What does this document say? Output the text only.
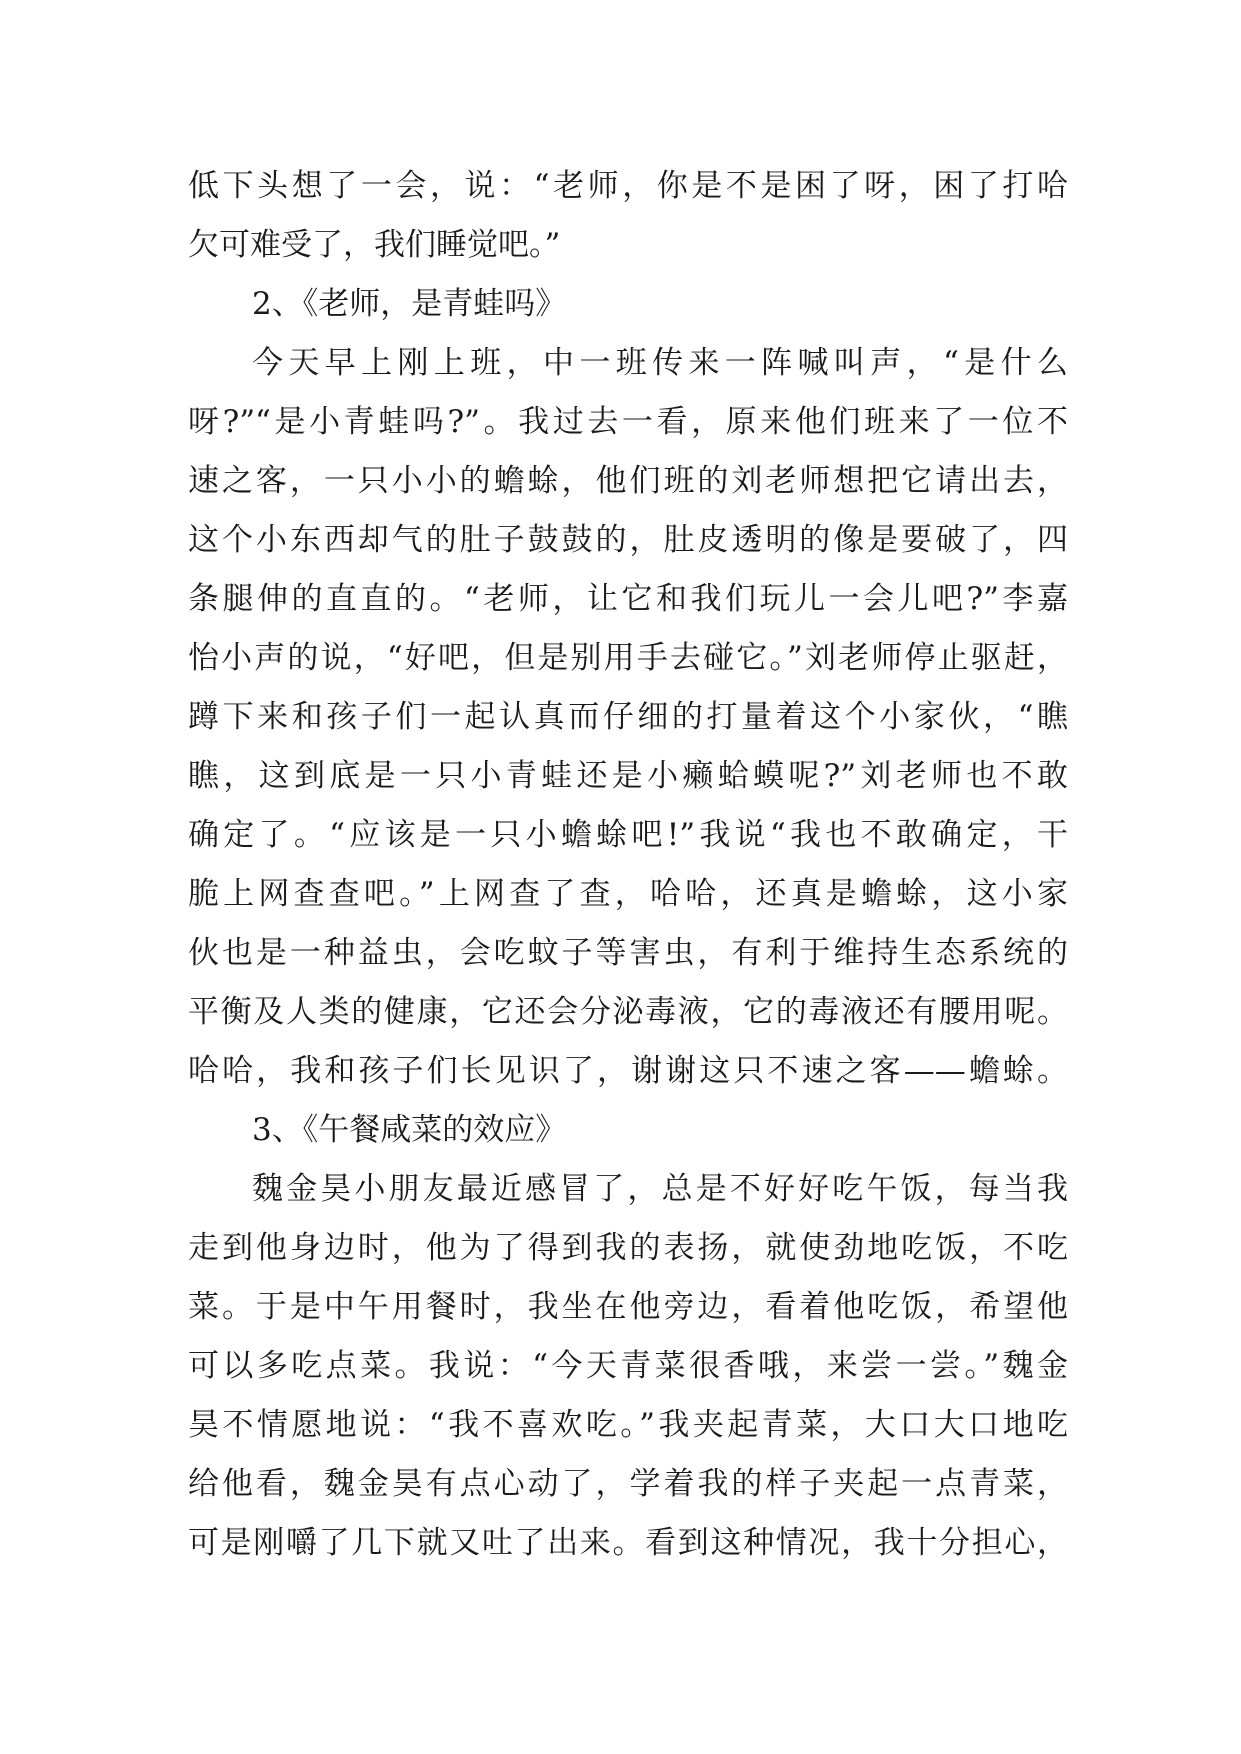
低下头想了一会，说：“老师，你是不是困了呀，困了打哈
欠可难受了，我们睡觉吧。”
2、《老师，是青蛙吗》
今天早上刚上班，中一班传来一阵喊叫声，“是什么
呀?”“是小青蛙吗?”。我过去一看，原来他们班来了一位不
速之客，一只小小的蟾蜍，他们班的刘老师想把它请出去，
这个小东西却气的肚子鼓鼓的，肚皮透明的像是要破了，四
条腿伸的直直的。“老师，让它和我们玩儿一会儿吧?”李嘉
怡小声的说，“好吧，但是别用手去碰它。”刘老师停止驱赶，
蹲下来和孩子们一起认真而仔细的打量着这个小家伙，“瞧
瞧，这到底是一只小青蛙还是小癞蛤蟆呢?”刘老师也不敢
确定了。“应该是一只小蟾蜍吧!”我说“我也不敢确定，干
脆上网查查吧。”上网查了查，哈哈，还真是蟾蜍，这小家
伙也是一种益虫，会吃蚊子等害虫，有利于维持生态系统的
平衡及人类的健康，它还会分泌毒液，它的毒液还有腰用呢。
哈哈，我和孩子们长见识了，谢谢这只不速之客——蟾蜍。
3、《午餐咸菜的效应》
魏金昊小朋友最近感冒了，总是不好好吃午饭，每当我
走到他身边时，他为了得到我的表扬，就使劲地吃饭，不吃
菜。于是中午用餐时，我坐在他旁边，看着他吃饭，希望他
可以多吃点菜。我说：“今天青菜很香哦，来尝一尝。”魏金
昊不情愿地说：“我不喜欢吃。”我夹起青菜，大口大口地吃
给他看，魏金昊有点心动了，学着我的样子夹起一点青菜，
可是刚嚼了几下就又吐了出来。看到这种情况，我十分担心，
